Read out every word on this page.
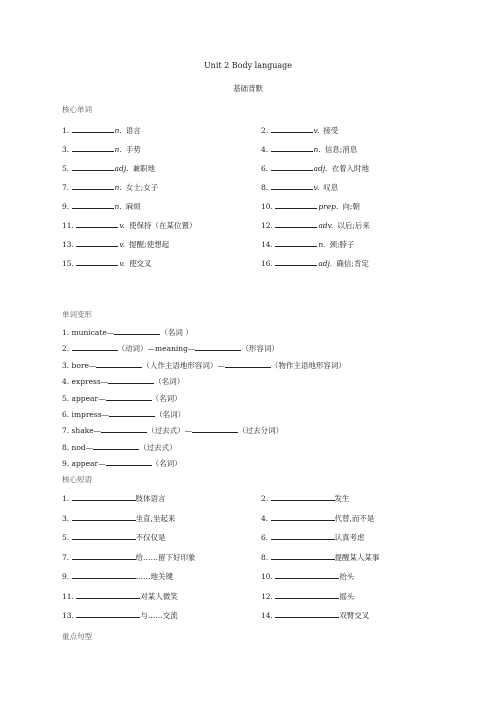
Unit 2 Body language
基础背默
核心单词
1.	n. 语言	2.	v. 接受
3.	n. 手势	4.	n. 信息;消息
5.	adj. 兼职地	6.	adj. 衣着入时地
7.	n. 女士;女子	8.	v. 叹息
9.	n. 麻烦	10.	prep. 向;朝
11.	v. 使保持（在某位置）	12.	adv. 以后;后来
13.	v. 提醒;使想起	14.	n. 颈;脖子
15.	v. 使交叉	16.	adj. 确信;肯定
单词变形
1. municate—	（名词 ）
2.	（动词）—meaning—	（形容词）
3. bore—	（人作主语地形容词）—	（物作主语地形容词）
4. express—	（名词）
5. appear—	（名词）
6. impress—	（名词）
7. shake—	（过去式）—	（过去分词）
8. nod—	（过去式）
9. appear—	（名词）
核心短语
1.	肢体语言	2.	发生
3.	坐直,坐起来	4.	代替,而不是
5.	不仅仅是	6.	认真考虑
7.	给……留下好印象	8.	提醒某人某事
9.	……地关键	10.	抬头
11.	对某人微笑	12.	摇头
13.	与……交流	14.	双臂交叉
重点句型
